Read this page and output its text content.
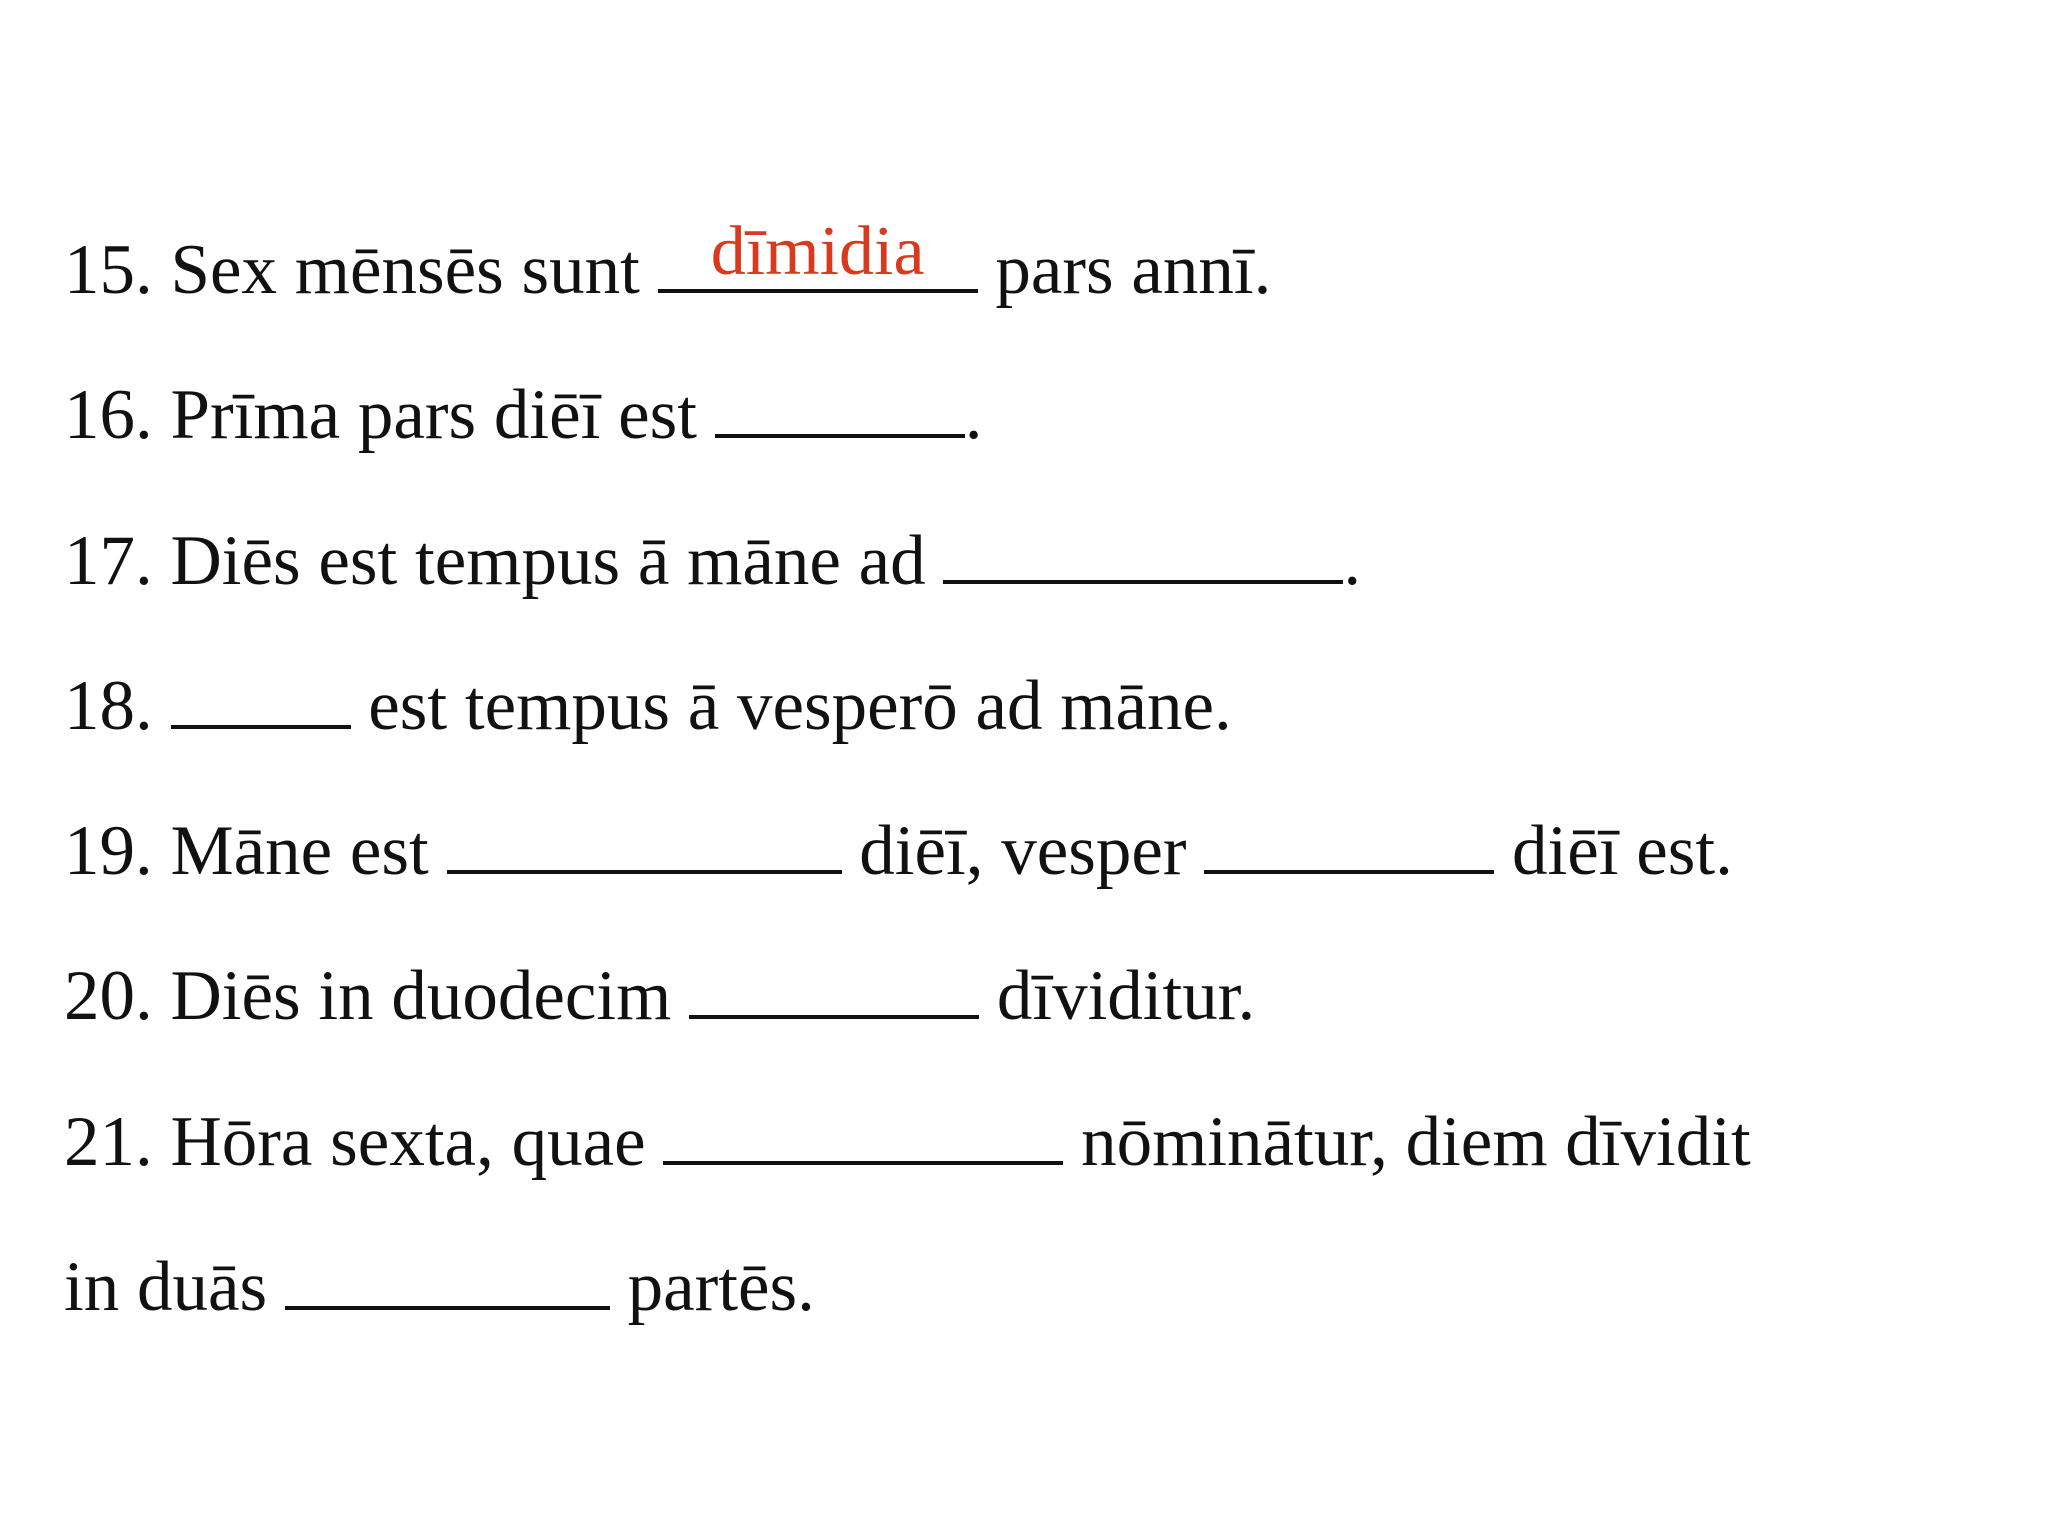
15. Sex mēnsēs sunt dīmidia pars annī.
16. Prīma pars diēī est	.
17. Diēs est tempus ā māne ad	.
18.	est tempus ā vesperō ad māne.
19. Māne est	diēī, vesper	diēī est.
20. Diēs in duodecim	dīviditur.
21. Hōra sexta, quae	nōminātur, diem dīvidit
in duās	partēs.
